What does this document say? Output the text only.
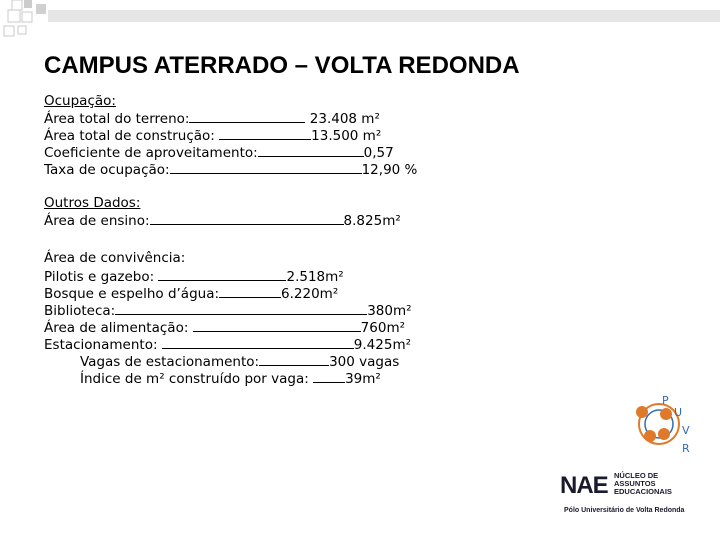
CAMPUS ATERRADO – VOLTA REDONDA
Ocupação:
Área total do terreno:	23.408 m²
Área total de construção:	13.500 m²
Coeficiente de aproveitamento:	0,57
Taxa de ocupação:	12,90 %
Outros Dados:
Área de ensino:	8.825m²
Área de convivência:
Pilotis e gazebo:	2.518m²
Bosque e espelho d’água:	6.220m²
Biblioteca:	380m²
Área de alimentação:	760m²
Estacionamento:	9.425m²
Vagas de estacionamento:	300 vagas
Índice de m² construído por vaga: 39m²
P
U
V
R
NAE NÚCLEO DE
ASSUNTOS
EDUCACIONAIS
Pólo Universitário de Volta Redonda
